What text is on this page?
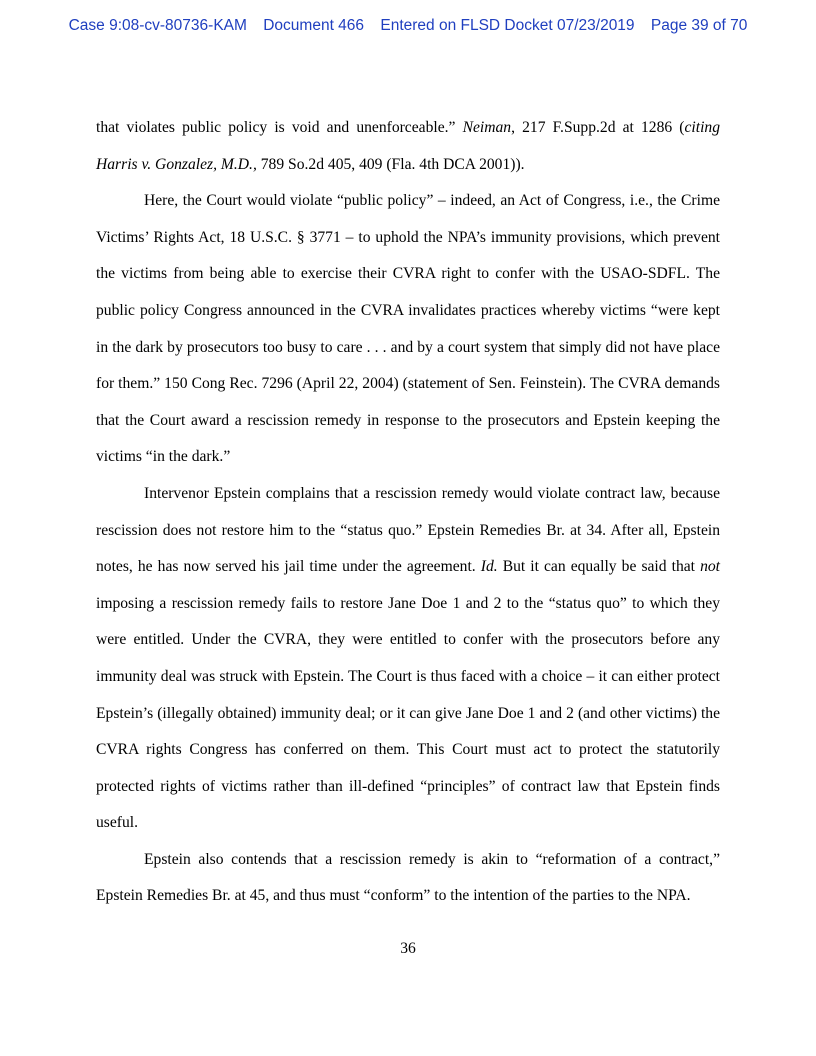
Case 9:08-cv-80736-KAM Document 466 Entered on FLSD Docket 07/23/2019 Page 39 of 70

that violates public policy is void and unenforceable.” Neiman, 217 F.Supp.2d at 1286 (citing Harris v. Gonzalez, M.D., 789 So.2d 405, 409 (Fla. 4th DCA 2001)).

Here, the Court would violate “public policy” – indeed, an Act of Congress, i.e., the Crime Victims’ Rights Act, 18 U.S.C. § 3771 – to uphold the NPA’s immunity provisions, which prevent the victims from being able to exercise their CVRA right to confer with the USAO-SDFL. The public policy Congress announced in the CVRA invalidates practices whereby victims “were kept in the dark by prosecutors too busy to care . . . and by a court system that simply did not have place for them.” 150 Cong Rec. 7296 (April 22, 2004) (statement of Sen. Feinstein). The CVRA demands that the Court award a rescission remedy in response to the prosecutors and Epstein keeping the victims “in the dark.”

Intervenor Epstein complains that a rescission remedy would violate contract law, because rescission does not restore him to the “status quo.” Epstein Remedies Br. at 34. After all, Epstein notes, he has now served his jail time under the agreement. Id. But it can equally be said that not imposing a rescission remedy fails to restore Jane Doe 1 and 2 to the “status quo” to which they were entitled. Under the CVRA, they were entitled to confer with the prosecutors before any immunity deal was struck with Epstein. The Court is thus faced with a choice – it can either protect Epstein’s (illegally obtained) immunity deal; or it can give Jane Doe 1 and 2 (and other victims) the CVRA rights Congress has conferred on them. This Court must act to protect the statutorily protected rights of victims rather than ill-defined “principles” of contract law that Epstein finds useful.

Epstein also contends that a rescission remedy is akin to “reformation of a contract,” Epstein Remedies Br. at 45, and thus must “conform” to the intention of the parties to the NPA.

36
